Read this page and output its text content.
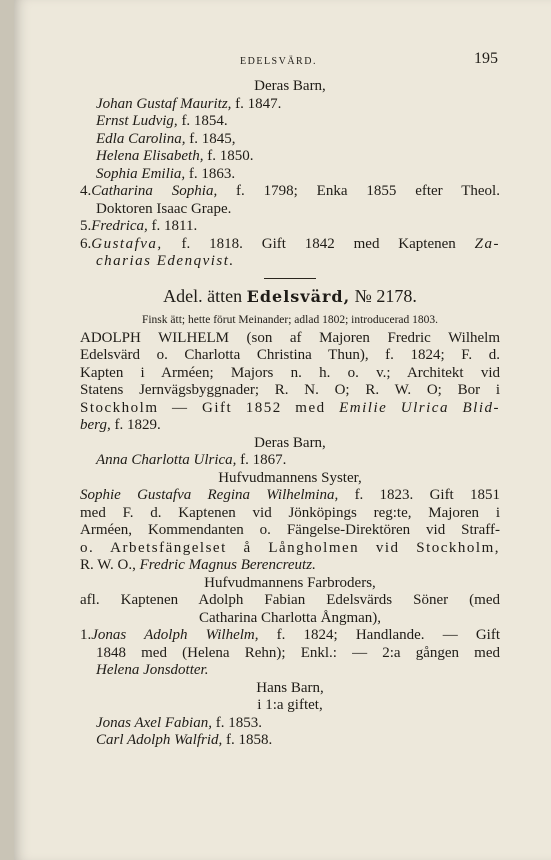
EDELSVÄRD.	195
Deras Barn,
Johan Gustaf Mauritz, f. 1847.
Ernst Ludvig, f. 1854.
Edla Carolina, f. 1845,
Helena Elisabeth, f. 1850.
Sophia Emilia, f. 1863.
4.Catharina Sophia, f. 1798; Enka 1855 efter Theol.
Doktoren Isaac Grape.
5.Fredrica, f. 1811.
6.Gustafva, f. 1818. Gift 1842 med Kaptenen Za-
charias Edenqvist.
Adel. ätten Edelsvärd, № 2178.
Finsk ätt; hette förut Meinander; adlad 1802; introducerad 1803.
ADOLPH WILHELM (son af Majoren Fredric Wilhelm
Edelsvärd o. Charlotta Christina Thun), f. 1824; F. d.
Kapten i Arméen; Majors n. h. o. v.; Architekt vid
Statens Jernvägsbyggnader; R. N. O; R. W. O; Bor i
Stockholm — Gift 1852 med Emilie Ulrica Blid-
berg, f. 1829.
Deras Barn,
Anna Charlotta Ulrica, f. 1867.
Hufvudmannens Syster,
Sophie Gustafva Regina Wilhelmina, f. 1823. Gift 1851
med F. d. Kaptenen vid Jönköpings reg:te, Majoren i
Arméen, Kommendanten o. Fängelse-Direktören vid Straff-
o. Arbetsfängelset å Långholmen vid Stockholm,
R. W. O., Fredric Magnus Berencreutz.
Hufvudmannens Farbroders,
afl. Kaptenen Adolph Fabian Edelsvärds Söner (med
Catharina Charlotta Ångman),
1.Jonas Adolph Wilhelm, f. 1824; Handlande. — Gift
1848 med (Helena Rehn); Enkl.: — 2:a gången med
Helena Jonsdotter.
Hans Barn,
i 1:a giftet,
Jonas Axel Fabian, f. 1853.
Carl Adolph Walfrid, f. 1858.
